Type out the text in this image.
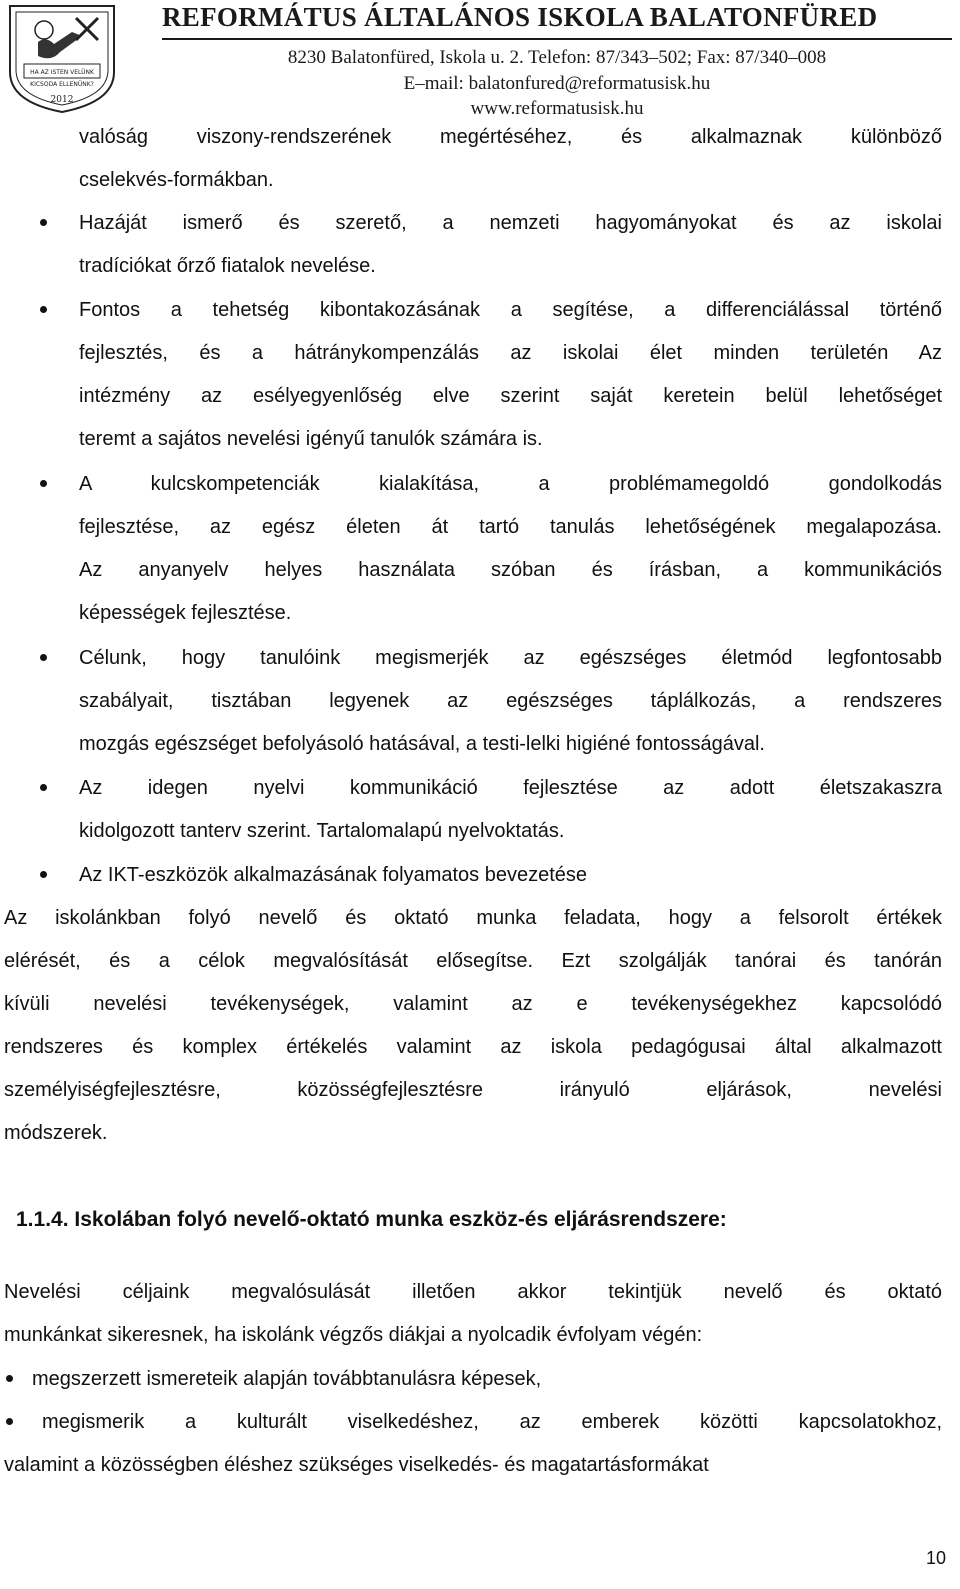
HA AZ ISTEN VELÜNK
KICSODA ELLENÜNK?
2012
REFORMÁTUS ÁLTALÁNOS ISKOLA BALATONFÜRED
8230 Balatonfüred, Iskola u. 2. Telefon: 87/343–502; Fax: 87/340–008
E–mail: balatonfured@reformatusisk.hu
www.reformatusisk.hu
valóság viszony-rendszerének megértéséhez, és alkalmaznak különböző
cselekvés-formákban.
Hazáját ismerő és szerető, a nemzeti hagyományokat és az iskolai
tradíciókat őrző fiatalok nevelése.
Fontos a tehetség kibontakozásának a segítése, a differenciálással történő
fejlesztés, és a hátránykompenzálás az iskolai élet minden területén Az
intézmény az esélyegyenlőség elve szerint saját keretein belül lehetőséget
teremt a sajátos nevelési igényű tanulók számára is.
A kulcskompetenciák kialakítása, a problémamegoldó gondolkodás
fejlesztése, az egész életen át tartó tanulás lehetőségének megalapozása.
Az anyanyelv helyes használata szóban és írásban, a kommunikációs
képességek fejlesztése.
Célunk, hogy tanulóink megismerjék az egészséges életmód legfontosabb
szabályait, tisztában legyenek az egészséges táplálkozás, a rendszeres
mozgás egészséget befolyásoló hatásával, a testi-lelki higiéné fontosságával.
Az idegen nyelvi kommunikáció fejlesztése az adott életszakaszra
kidolgozott tanterv szerint. Tartalomalapú nyelvoktatás.
Az IKT-eszközök alkalmazásának folyamatos bevezetése
Az iskolánkban folyó nevelő és oktató munka feladata, hogy a felsorolt értékek
elérését, és a célok megvalósítását elősegítse. Ezt szolgálják tanórai és tanórán
kívüli nevelési tevékenységek, valamint az e tevékenységekhez kapcsolódó
rendszeres és komplex értékelés valamint az iskola pedagógusai által alkalmazott
személyiségfejlesztésre, közösségfejlesztésre irányuló eljárások, nevelési
módszerek.
1.1.4. Iskolában folyó nevelő-oktató munka eszköz-és eljárásrendszere:
Nevelési céljaink megvalósulását illetően akkor tekintjük nevelő és oktató
munkánkat sikeresnek, ha iskolánk végzős diákjai a nyolcadik évfolyam végén:
megszerzett ismereteik alapján továbbtanulásra képesek,
megismerik a kulturált viselkedéshez, az emberek közötti kapcsolatokhoz,
valamint a közösségben éléshez szükséges viselkedés- és magatartásformákat
10
